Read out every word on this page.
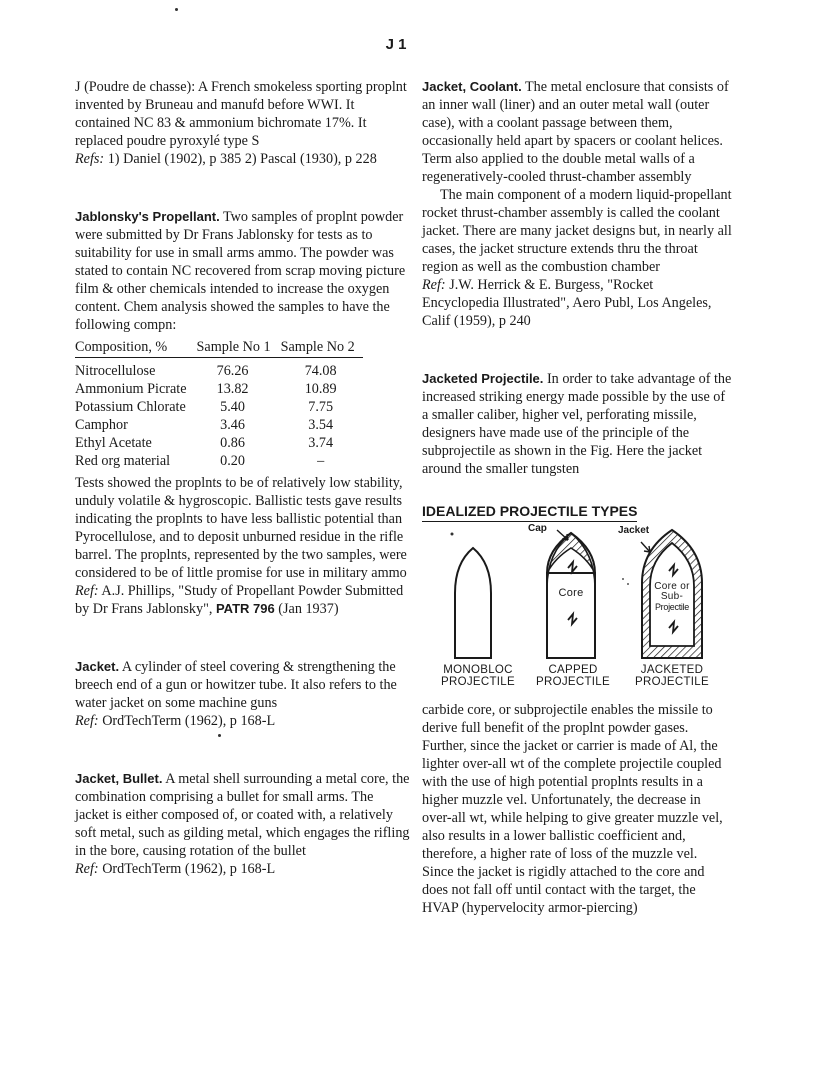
J 1

J (Poudre de chasse): A French smokeless sporting proplnt invented by Bruneau and manufd before WWI. It contained NC 83 & ammonium bichromate 17%. It replaced poudre pyroxylé type S
Refs: 1) Daniel (1902), p 385 2) Pascal (1930), p 228

Jablonsky's Propellant. Two samples of proplnt powder were submitted by Dr Frans Jablonsky for tests as to suitability for use in small arms ammo. The powder was stated to contain NC recovered from scrap moving picture film & other chemicals intended to increase the oxygen content. Chem analysis showed the samples to have the following compn:

Composition, %	Sample No 1	Sample No 2

Nitrocellulose	76.26	74.08
Ammonium Picrate	13.82	10.89
Potassium Chlorate	5.40	7.75
Camphor	3.46	3.54
Ethyl Acetate	0.86	3.74
Red org material	0.20	–

Tests showed the proplnts to be of relatively low stability, unduly volatile & hygroscopic. Ballistic tests gave results indicating the proplnts to have less ballistic potential than Pyrocellulose, and to deposit unburned residue in the rifle barrel. The proplnts, represented by the two samples, were considered to be of little promise for use in military ammo
Ref: A.J. Phillips, "Study of Propellant Powder Submitted by Dr Frans Jablonsky", PATR 796 (Jan 1937)

Jacket. A cylinder of steel covering & strengthening the breech end of a gun or howitzer tube. It also refers to the water jacket on some machine guns
Ref: OrdTechTerm (1962), p 168-L

Jacket, Bullet. A metal shell surrounding a metal core, the combination comprising a bullet for small arms. The jacket is either composed of, or coated with, a relatively soft metal, such as gilding metal, which engages the rifling in the bore, causing rotation of the bullet
Ref: OrdTechTerm (1962), p 168-L

Jacket, Coolant. The metal enclosure that consists of an inner wall (liner) and an outer metal wall (outer case), with a coolant passage between them, occasionally held apart by spacers or coolant helices. Term also applied to the double metal walls of a regeneratively-cooled thrust-chamber assembly

The main component of a modern liquid-propellant rocket thrust-chamber assembly is called the coolant jacket. There are many jacket designs but, in nearly all cases, the jacket structure extends thru the throat region as well as the combustion chamber
Ref: J.W. Herrick & E. Burgess, "Rocket Encyclopedia Illustrated", Aero Publ, Los Angeles, Calif (1959), p 240

Jacketed Projectile. In order to take advantage of the increased striking energy made possible by the use of a smaller caliber, higher vel, perforating missile, designers have made use of the principle of the subprojectile as shown in the Fig. Here the jacket around the smaller tungsten

IDEALIZED PROJECTILE TYPES
Cap	Jacket
Core
Core or
Sub-
Projectile
MONOBLOC
PROJECTILE
CAPPED
PROJECTILE
JACKETED
PROJECTILE

carbide core, or subprojectile enables the missile to derive full benefit of the proplnt powder gases. Further, since the jacket or carrier is made of Al, the lighter over-all wt of the complete projectile coupled with the use of high potential proplnts results in a higher muzzle vel. Unfortunately, the decrease in over-all wt, while helping to give greater muzzle vel, also results in a lower ballistic coefficient and, therefore, a higher rate of loss of the muzzle vel. Since the jacket is rigidly attached to the core and does not fall off until contact with the target, the HVAP (hypervelocity armor-piercing)
